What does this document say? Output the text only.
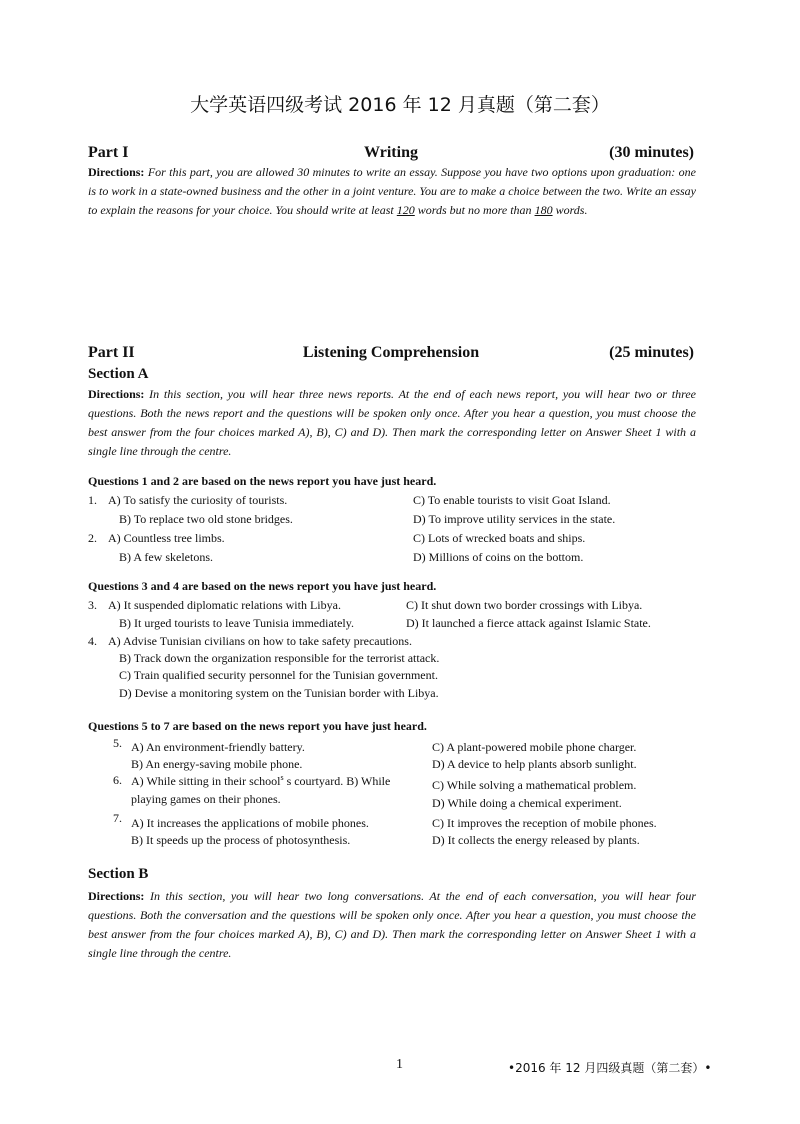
大学英语四级考试 2016 年 12 月真题（第二套）
Part I	Writing	(30 minutes)
Directions: For this part, you are allowed 30 minutes to write an essay. Suppose you have two options upon graduation: one is to work in a state-owned business and the other in a joint venture. You are to make a choice between the two. Write an essay to explain the reasons for your choice. You should write at least 120 words but no more than 180 words.
Part II	Listening Comprehension	(25 minutes)
Section A
Directions: In this section, you will hear three news reports. At the end of each news report, you will hear two or three questions. Both the news report and the questions will be spoken only once. After you hear a question, you must choose the best answer from the four choices marked A), B), C) and D). Then mark the corresponding letter on Answer Sheet 1 with a single line through the centre.
Questions 1 and 2 are based on the news report you have just heard.
1. A) To satisfy the curiosity of tourists.	C) To enable tourists to visit Goat Island.
B) To replace two old stone bridges.	D) To improve utility services in the state.
2. A) Countless tree limbs.	C) Lots of wrecked boats and ships.
B) A few skeletons.	D) Millions of coins on the bottom.
Questions 3 and 4 are based on the news report you have just heard.
3. A) It suspended diplomatic relations with Libya.	C) It shut down two border crossings with Libya.
B) It urged tourists to leave Tunisia immediately.	D) It launched a fierce attack against Islamic State.
4. A) Advise Tunisian civilians on how to take safety precautions.
B) Track down the organization responsible for the terrorist attack.
C) Train qualified security personnel for the Tunisian government.
D) Devise a monitoring system on the Tunisian border with Libya.
Questions 5 to 7 are based on the news report you have just heard.
5. A) An environment-friendly battery.	C) A plant-powered mobile phone charger.
B) An energy-saving mobile phone.	D) A device to help plants absorb sunlight.
6. A) While sitting in their school$^s$ s courtyard. B) While
playing games on their phones.
C) While solving a mathematical problem.
D) While doing a chemical experiment.
7. A) It increases the applications of mobile phones.	C) It improves the reception of mobile phones.
B) It speeds up the process of photosynthesis.	D) It collects the energy released by plants.
Section B
Directions: In this section, you will hear two long conversations. At the end of each conversation, you will hear four questions. Both the conversation and the questions will be spoken only once. After you hear a question, you must choose the best answer from the four choices marked A), B), C) and D). Then mark the corresponding letter on Answer Sheet 1 with a single line through the centre.
1	•2016 年 12 月四级真题（第二套）•
